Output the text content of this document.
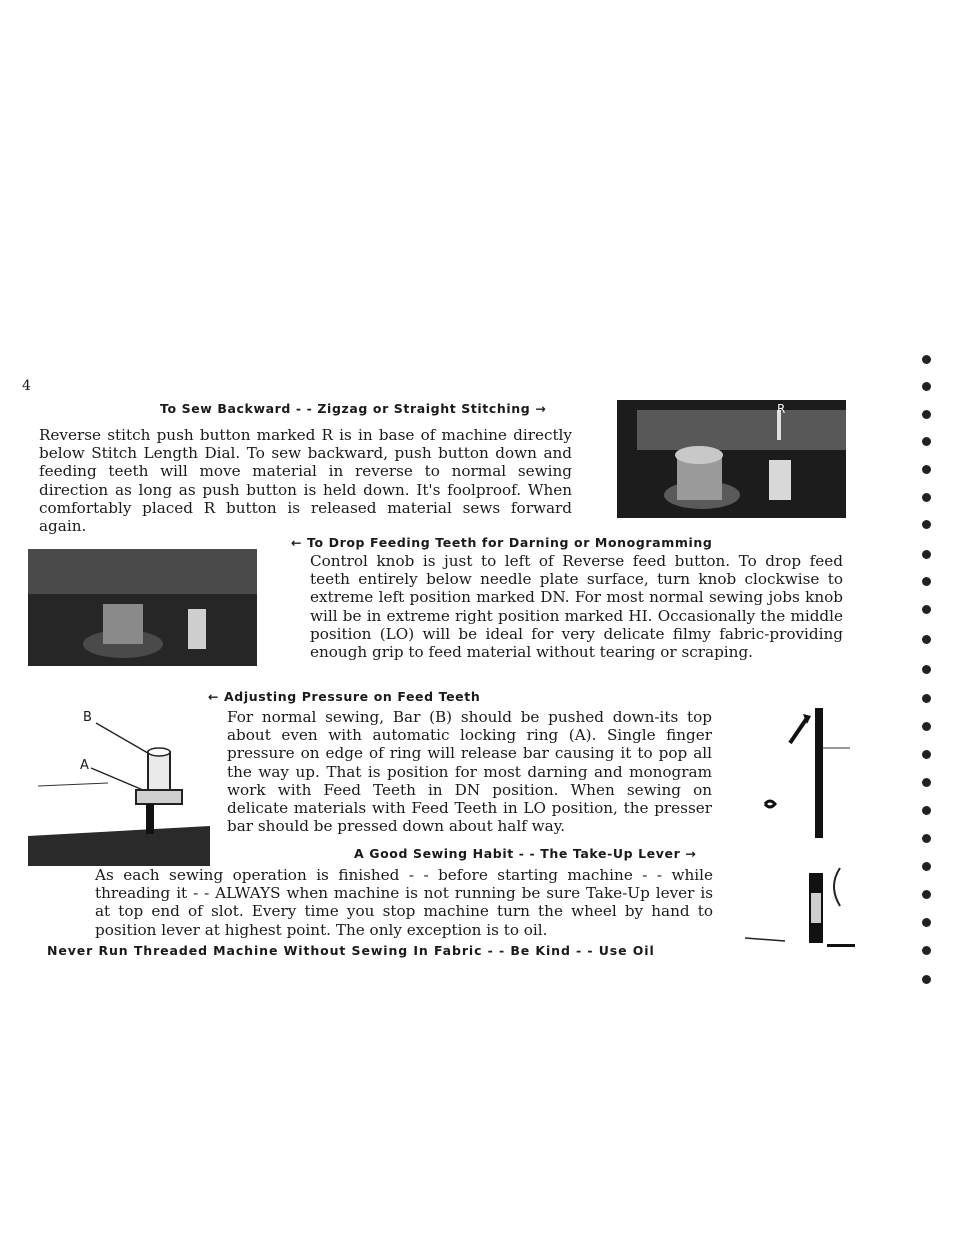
4
To Sew Backward - - Zigzag or Straight Stitching →
Reverse stitch push button marked R is in base of machine directly below Stitch Length Dial. To sew backward, push button down and feeding teeth will move material in reverse to normal sewing direction as long as push button is held down. It's foolproof. When comfortably placed R button is released material sews forward again.
R
← To Drop Feeding Teeth for Darning or Monogramming
Control knob is just to left of Reverse feed button. To drop feed teeth entirely below needle plate surface, turn knob clockwise to extreme left position marked DN. For most normal sewing jobs knob will be in extreme right position marked HI. Occasionally the middle position (LO) will be ideal for very delicate filmy fabric-providing enough grip to feed material without tearing or scraping.
← Adjusting Pressure on Feed Teeth
B
A
For normal sewing, Bar (B) should be pushed down-its top about even with automatic locking ring (A). Single finger pressure on edge of ring will release bar causing it to pop all the way up. That is position for most darning and monogram work with Feed Teeth in DN position. When sewing on delicate materials with Feed Teeth in LO position, the presser bar should be pressed down about half way.
A Good Sewing Habit - - The Take-Up Lever →
As each sewing operation is finished - - before starting machine - - while threading it - - ALWAYS when machine is not running be sure Take-Up lever is at top end of slot. Every time you stop machine turn the wheel by hand to position lever at highest point. The only exception is to oil.
Never Run Threaded Machine Without Sewing In Fabric - - Be Kind - - Use Oil
